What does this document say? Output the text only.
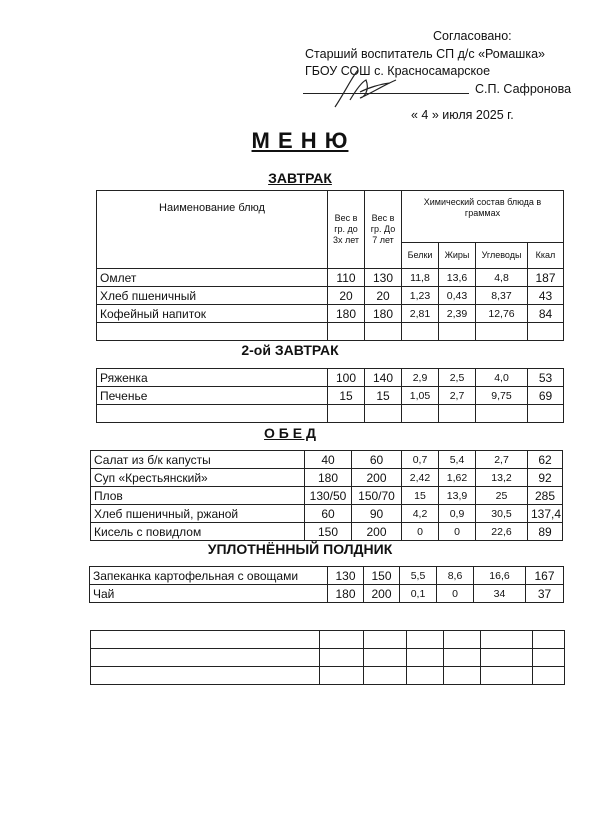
Согласовано:
Старший воспитатель СП д/с «Ромашка»
ГБОУ СОШ с. Красносамарское
С.П. Сафронова
« 4 » июля 2025 г.
М Е Н Ю
ЗАВТРАК
Наименование блюд	Вес в гр. до 3х лет	Вес в гр. До 7 лет	Химический состав блюда в граммах			
			Белки	Жиры	Углеводы	Ккал
Омлет	110	130	11,8	13,6	4,8	187
Хлеб пшеничный	20	20	1,23	0,43	8,37	43
Кофейный напиток	180	180	2,81	2,39	12,76	84

2-ой ЗАВТРАК
Ряженка	100	140	2,9	2,5	4,0	53
Печенье	15	15	1,05	2,7	9,75	69

О Б Е Д
Салат из б/к капусты	40	60	0,7	5,4	2,7	62
Суп «Крестьянский»	180	200	2,42	1,62	13,2	92
Плов	130/50	150/70	15	13,9	25	285
Хлеб пшеничный, ржаной	60	90	4,2	0,9	30,5	137,4
Кисель с повидлом	150	200	0	0	22,6	89
УПЛОТНЁННЫЙ ПОЛДНИК
Запеканка картофельная с овощами	130	150	5,5	8,6	16,6	167
Чай	180	200	0,1	0	34	37
